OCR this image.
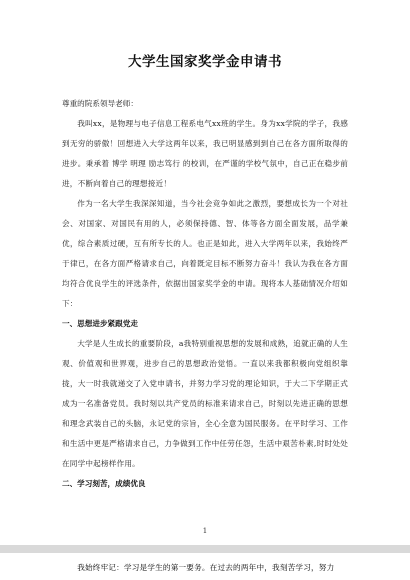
大学生国家奖学金申请书
尊重的院系领导老师：

我叫xx，是物理与电子信息工程系电气xx班的学生。身为xx学院的学子，我感到无穷的骄傲！回想进入大学这两年以来，我已明显感到到自己在各方面所取得的进步。秉承着 博学 明理 励志笃行 的校训，在严谨的学校气氛中，自己正在稳步前进，不断向着自己的理想接近！

作为一名大学生我深深知道，当今社会竞争如此之激烈，要想成长为一个对社会、对国家、对国民有用的人，必须保持德、智、体等各方面全面发展，品学兼优，综合素质过硬，互有所专长的人。也正是如此，进入大学两年以来，我始终严于律已，在各方面严格请求自己，向着既定目标不断努力奋斗！我认为我在各方面均符合优良学生的评选条件，依据出国家奖学金的申请。现将本人基础情况介绍如下：

一、思想进步紧跟党走

大学是人生成长的重要阶段，a我特别重视思想的发展和成熟，追就正确的人生观、价值观和世界观，进步自己的思想政治觉悟。一直以来我都积极向党组织靠拢，大一时我就递交了入党申请书，并努力学习党的理论知识，于大二下学期正式成为一名准备党员。我时刻以共产党员的标准来请求自己，时刻以先进正确的思想和理念武装自己的头脑，永记党的宗旨，全心全意为国民服务。在平时学习、工作和生活中更是严格请求自己，力争做到工作中任劳任怨，生活中艰苦朴素,时时处处在同学中起榜样作用。

二、学习刻苦，成绩优良
1

我始终牢记：学习是学生的第一要务。在过去的两年中，我刻苦学习，努力
